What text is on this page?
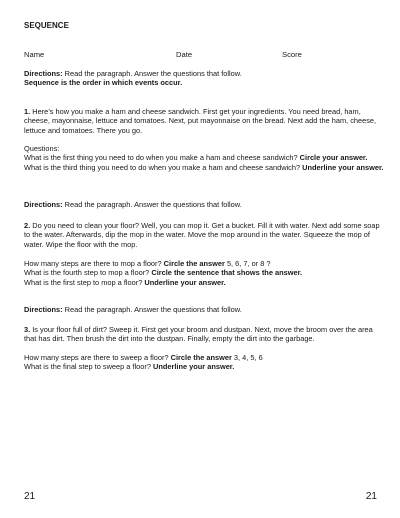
SEQUENCE
Name	Date	Score
Directions: Read the paragraph. Answer the questions that follow.
Sequence is the order in which events occur.
1. Here’s how you make a ham and cheese sandwich. First get your ingredients. You need bread, ham, cheese, mayonnaise, lettuce and tomatoes. Next, put mayonnaise on the bread. Next add the ham, cheese, lettuce and tomatoes. There you go.
Questions:
What is the first thing you need to do when you make a ham and cheese sandwich? Circle your answer.
What is the third thing you need to do when you make a ham and cheese sandwich? Underline your answer.
Directions: Read the paragraph. Answer the questions that follow.
2. Do you need to clean your floor? Well, you can mop it. Get a bucket. Fill it with water. Next add some soap to the water. Afterwards, dip the mop in the water. Move the mop around in the water. Squeeze the mop of water. Wipe the floor with the mop.
How many steps are there to mop a floor? Circle the answer 5, 6, 7, or 8 ?
What is the fourth step to mop a floor? Circle the sentence that shows the answer.
What is the first step to mop a floor? Underline your answer.
Directions: Read the paragraph. Answer the questions that follow.
3. Is your floor full of dirt? Sweep it. First get your broom and dustpan. Next, move the broom over the area that has dirt. Then brush the dirt into the dustpan. Finally, empty the dirt into the garbage.
How many steps are there to sweep a floor? Circle the answer 3, 4, 5, 6
What is the final step to sweep a floor? Underline your answer.
21	21
